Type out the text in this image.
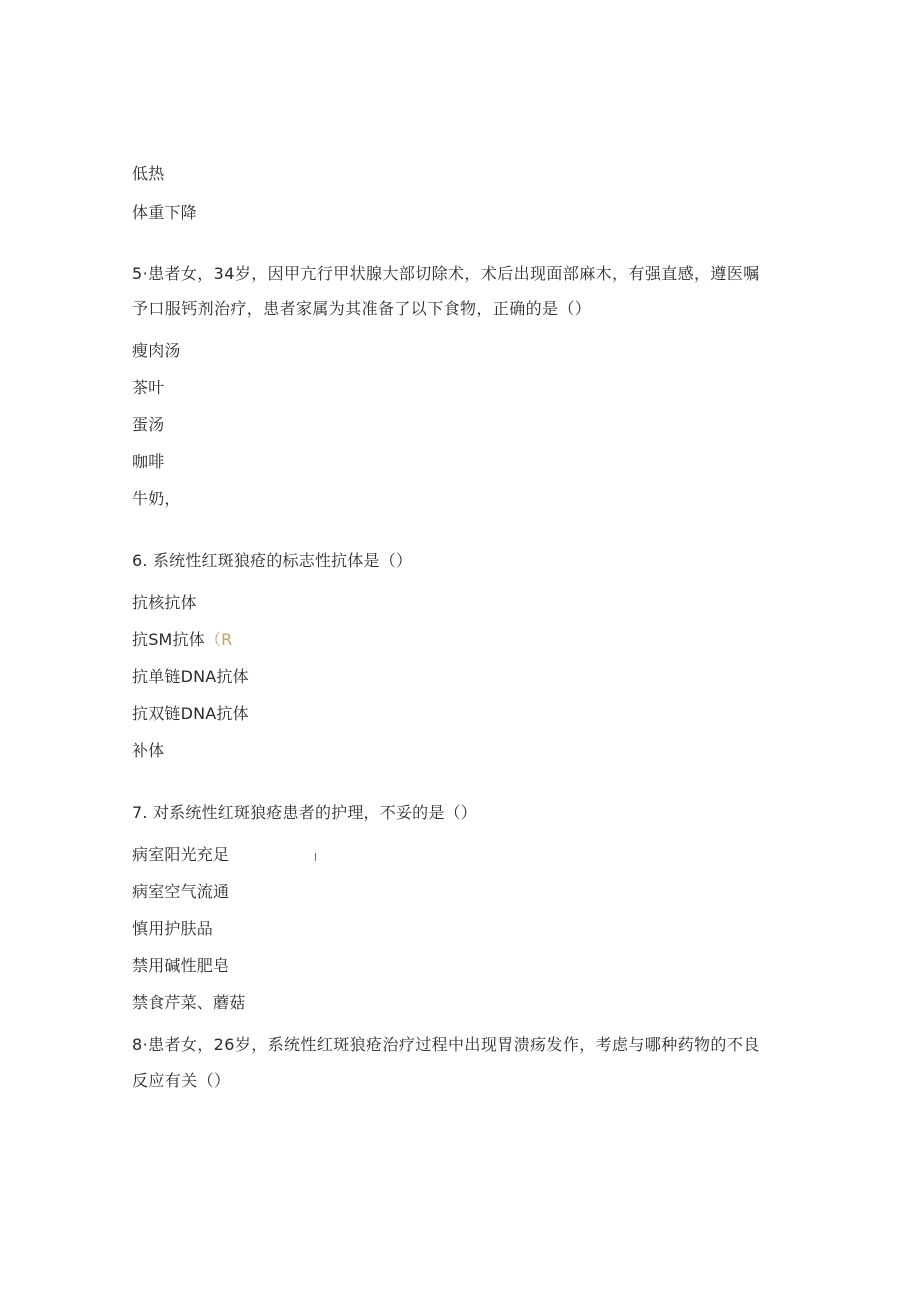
低热
体重下降
5·患者女，34岁，因甲亢行甲状腺大部切除术，术后出现面部麻木，有强直感，遵医嘱
予口服钙剂治疗，患者家属为其准备了以下食物，正确的是（）
瘦肉汤
茶叶
蛋汤
咖啡
牛奶，
6. 系统性红斑狼疮的标志性抗体是（）
抗核抗体
抗SM抗体（R
抗单链DNA抗体
抗双链DNA抗体
补体
7. 对系统性红斑狼疮患者的护理，不妥的是（）
病室阳光充足
病室空气流通
慎用护肤品
禁用碱性肥皂
禁食芹菜、蘑菇
8·患者女，26岁，系统性红斑狼疮治疗过程中出现胃溃疡发作，考虑与哪种药物的不良
反应有关（）
